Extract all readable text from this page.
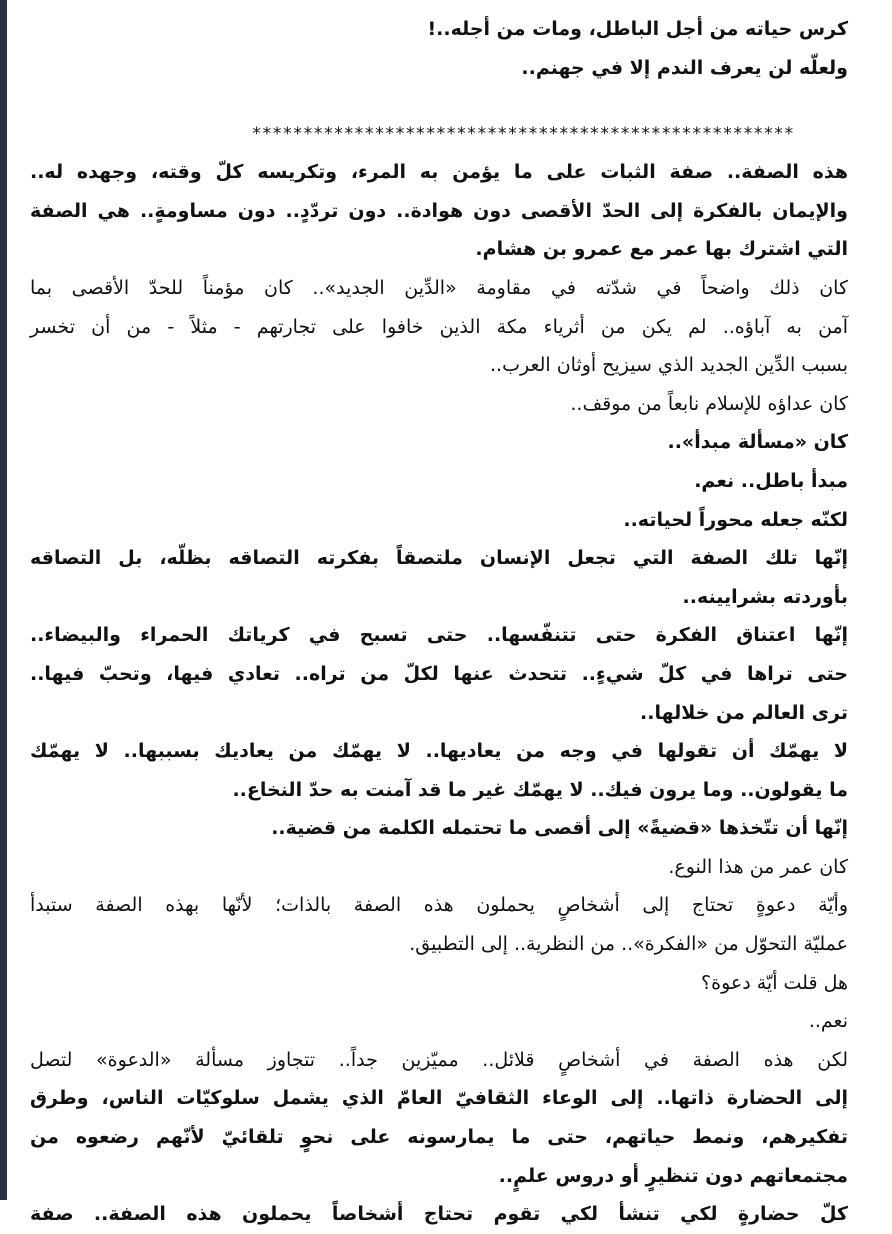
كرس حياته من أجل الباطل، ومات من أجله..!
ولعلّه لن يعرف الندم إلا في جهنم..
*****************************************************
هذه الصفة.. صفة الثبات على ما يؤمن به المرء، وتكريسه كلّ وقته، وجهده له..
والإيمان بالفكرة إلى الحدّ الأقصى دون هوادة.. دون تردّدٍ.. دون مساومةٍ.. هي الصفة
التي اشترك بها عمر مع عمرو بن هشام.
كان ذلك واضحاً في شدّته في مقاومة «الدِّين الجديد».. كان مؤمناً للحدّ الأقصى بما
آمن به آباؤه.. لم يكن من أثرياء مكة الذين خافوا على تجارتهم - مثلاً - من أن تخسر
بسبب الدِّين الجديد الذي سيزيح أوثان العرب..
كان عداؤه للإسلام نابعاً من موقف..
كان «مسألة مبدأ»..
مبدأ باطل.. نعم.
لكنّه جعله محوراً لحياته..
إنّها تلك الصفة التي تجعل الإنسان ملتصقاً بفكرته التصاقه بظلّه، بل التصاقه
بأوردته بشرايينه..
إنّها اعتناق الفكرة حتى تتنفّسها.. حتى تسبح في كرياتك الحمراء والبيضاء..
حتى تراها في كلّ شيءٍ.. تتحدث عنها لكلّ من تراه.. تعادي فيها، وتحبّ فيها..
ترى العالم من خلالها..
لا يهمّك أن تقولها في وجه من يعاديها.. لا يهمّك من يعاديك بسببها.. لا يهمّك
ما يقولون.. وما يرون فيك.. لا يهمّك غير ما قد آمنت به حدّ النخاع..
إنّها أن تتّخذها «قضيةً» إلى أقصى ما تحتمله الكلمة من قضية..
كان عمر من هذا النوع.
وأيّة دعوةٍ تحتاج إلى أشخاصٍ يحملون هذه الصفة بالذات؛ لأنّها بهذه الصفة ستبدأ
عمليّة التحوّل من «الفكرة».. من النظرية.. إلى التطبيق.
هل قلت أيّة دعوة؟
نعم..
لكن هذه الصفة في أشخاصٍ قلائل.. مميّزين جداً.. تتجاوز مسألة «الدعوة» لتصل
إلى الحضارة ذاتها.. إلى الوعاء الثقافيّ العامّ الذي يشمل سلوكيّات الناس، وطرق
تفكيرهم، ونمط حياتهم، حتى ما يمارسونه على نحوٍ تلقائيّ لأنّهم رضعوه من
مجتمعاتهم دون تنظيرٍ أو دروس علمٍ..
كلّ حضارةٍ لكي تنشأ لكي تقوم تحتاج أشخاصاً يحملون هذه الصفة.. صفة
